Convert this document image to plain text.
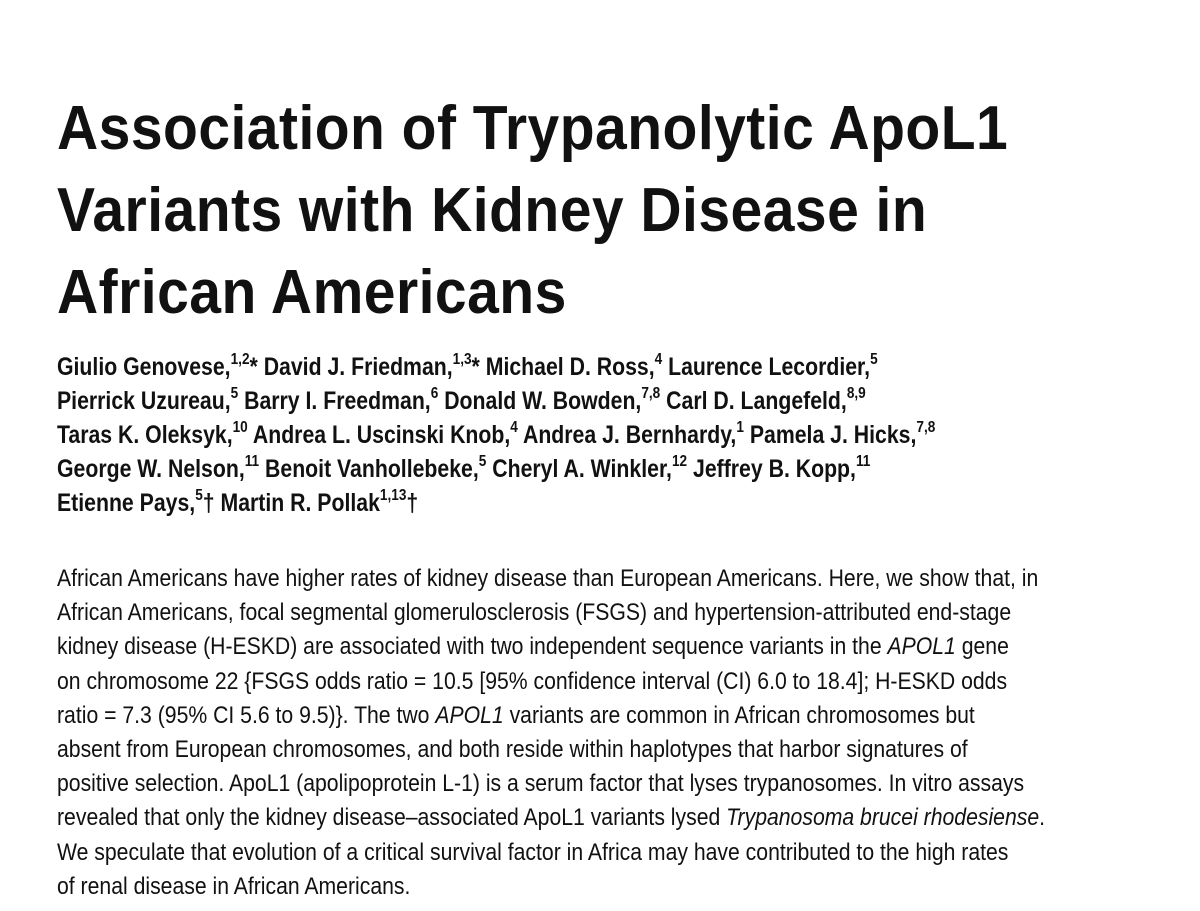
Association of Trypanolytic ApoL1
Variants with Kidney Disease in
African Americans
Giulio Genovese,$^{1,2}$* David J. Friedman,$^{1,3}$* Michael D. Ross,$^4$ Laurence Lecordier,$^5$
Pierrick Uzureau,$^5$ Barry I. Freedman,$^6$ Donald W. Bowden,$^{7,8}$ Carl D. Langefeld,$^{8,9}$
Taras K. Oleksyk,$^{10}$ Andrea L. Uscinski Knob,$^4$ Andrea J. Bernhardy,$^1$ Pamela J. Hicks,$^{7,8}$
George W. Nelson,$^{11}$ Benoit Vanhollebeke,$^5$ Cheryl A. Winkler,$^{12}$ Jeffrey B. Kopp,$^{11}$
Etienne Pays,$^5$† Martin R. Pollak$^{1,13}$†
African Americans have higher rates of kidney disease than European Americans. Here, we show that, in
African Americans, focal segmental glomerulosclerosis (FSGS) and hypertension-attributed end-stage
kidney disease (H-ESKD) are associated with two independent sequence variants in the APOL1 gene
on chromosome 22 {FSGS odds ratio = 10.5 [95% confidence interval (CI) 6.0 to 18.4]; H-ESKD odds
ratio = 7.3 (95% CI 5.6 to 9.5)}. The two APOL1 variants are common in African chromosomes but
absent from European chromosomes, and both reside within haplotypes that harbor signatures of
positive selection. ApoL1 (apolipoprotein L-1) is a serum factor that lyses trypanosomes. In vitro assays
revealed that only the kidney disease–associated ApoL1 variants lysed Trypanosoma brucei rhodesiense.
We speculate that evolution of a critical survival factor in Africa may have contributed to the high rates
of renal disease in African Americans.
